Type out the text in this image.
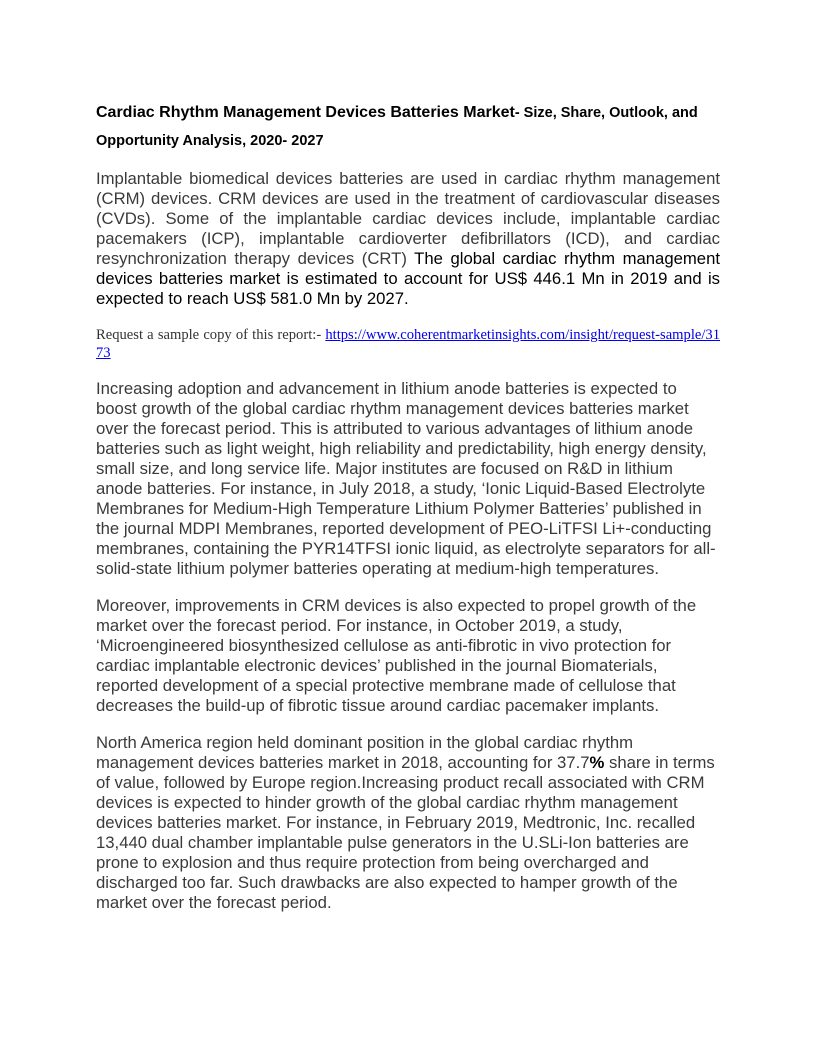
Cardiac Rhythm Management Devices Batteries Market- Size, Share, Outlook, and Opportunity Analysis, 2020- 2027

Implantable biomedical devices batteries are used in cardiac rhythm management (CRM) devices. CRM devices are used in the treatment of cardiovascular diseases (CVDs). Some of the implantable cardiac devices include, implantable cardiac pacemakers (ICP), implantable cardioverter defibrillators (ICD), and cardiac resynchronization therapy devices (CRT) The global cardiac rhythm management devices batteries market is estimated to account for US$ 446.1 Mn in 2019 and is expected to reach US$ 581.0 Mn by 2027.

Request a sample copy of this report:- https://www.coherentmarketinsights.com/insight/request-sample/3173

Increasing adoption and advancement in lithium anode batteries is expected to boost growth of the global cardiac rhythm management devices batteries market over the forecast period. This is attributed to various advantages of lithium anode batteries such as light weight, high reliability and predictability, high energy density, small size, and long service life. Major institutes are focused on R&D in lithium anode batteries. For instance, in July 2018, a study, ‘Ionic Liquid-Based Electrolyte Membranes for Medium-High Temperature Lithium Polymer Batteries’ published in the journal MDPI Membranes, reported development of PEO-LiTFSI Li+-conducting membranes, containing the PYR14TFSI ionic liquid, as electrolyte separators for all-solid-state lithium polymer batteries operating at medium-high temperatures.

Moreover, improvements in CRM devices is also expected to propel growth of the market over the forecast period. For instance, in October 2019, a study, ‘Microengineered biosynthesized cellulose as anti-fibrotic in vivo protection for cardiac implantable electronic devices’ published in the journal Biomaterials, reported development of a special protective membrane made of cellulose that decreases the build-up of fibrotic tissue around cardiac pacemaker implants.

North America region held dominant position in the global cardiac rhythm management devices batteries market in 2018, accounting for 37.7% share in terms of value, followed by Europe region.Increasing product recall associated with CRM devices is expected to hinder growth of the global cardiac rhythm management devices batteries market. For instance, in February 2019, Medtronic, Inc. recalled 13,440 dual chamber implantable pulse generators in the U.SLi-Ion batteries are prone to explosion and thus require protection from being overcharged and discharged too far. Such drawbacks are also expected to hamper growth of the market over the forecast period.
